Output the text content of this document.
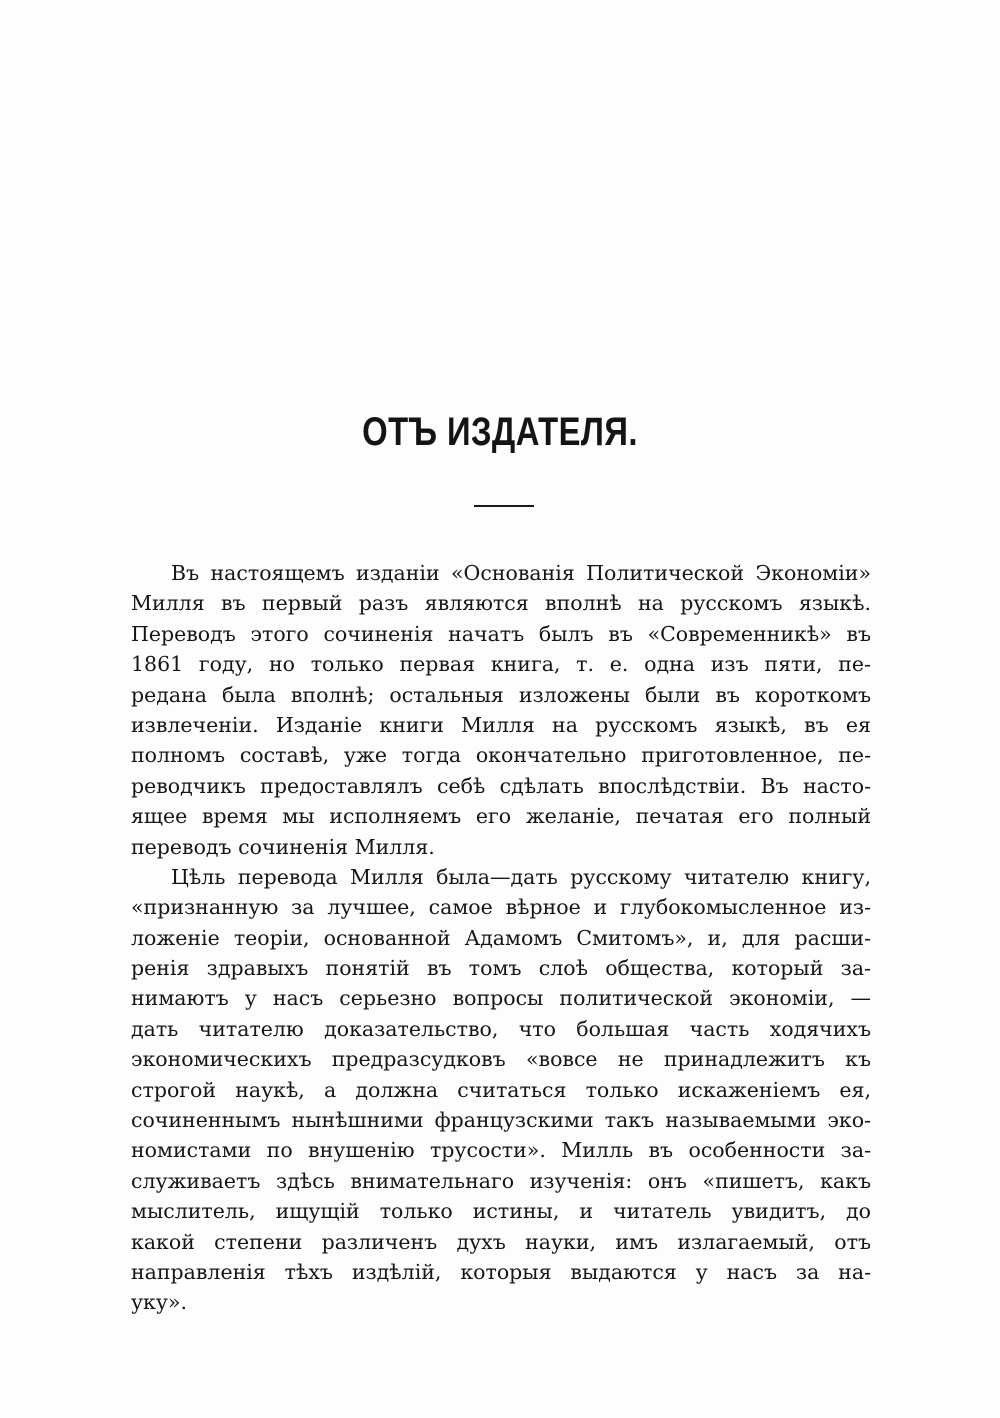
ОТЪ ИЗДАТЕЛЯ.
Въ настоящемъ изданіи «Основанія Политической Экономіи»
Милля въ первый разъ являются вполнѣ на русскомъ языкѣ.
Переводъ этого сочиненія начатъ былъ въ «Современникѣ» въ
1861 году, но только первая книга, т. е. одна изъ пяти, пе-
редана была вполнѣ; остальныя изложены были въ короткомъ
извлеченіи. Изданіе книги Милля на русскомъ языкѣ, въ ея
полномъ составѣ, уже тогда окончательно приготовленное, пе-
реводчикъ предоставлялъ себѣ сдѣлать впослѣдствіи. Въ насто-
ящее время мы исполняемъ его желаніе, печатая его полный
переводъ сочиненія Милля.
Цѣль перевода Милля была—дать русскому читателю книгу,
«признанную за лучшее, самое вѣрное и глубокомысленное из-
ложеніе теоріи, основанной Адамомъ Смитомъ», и, для расши-
ренія здравыхъ понятій въ томъ слоѣ общества, который за-
нимаютъ у насъ серьезно вопросы политической экономіи, —
дать читателю доказательство, что большая часть ходячихъ
экономическихъ предразсудковъ «вовсе не принадлежитъ къ
строгой наукѣ, а должна считаться только искаженіемъ ея,
сочиненнымъ нынѣшними французскими такъ называемыми эко-
номистами по внушенію трусости». Милль въ особенности за-
служиваетъ здѣсь внимательнаго изученія: онъ «пишетъ, какъ
мыслитель, ищущій только истины, и читатель увидитъ, до
какой степени различенъ духъ науки, имъ излагаемый, отъ
направленія тѣхъ издѣлій, которыя выдаются у насъ за на-
уку».
